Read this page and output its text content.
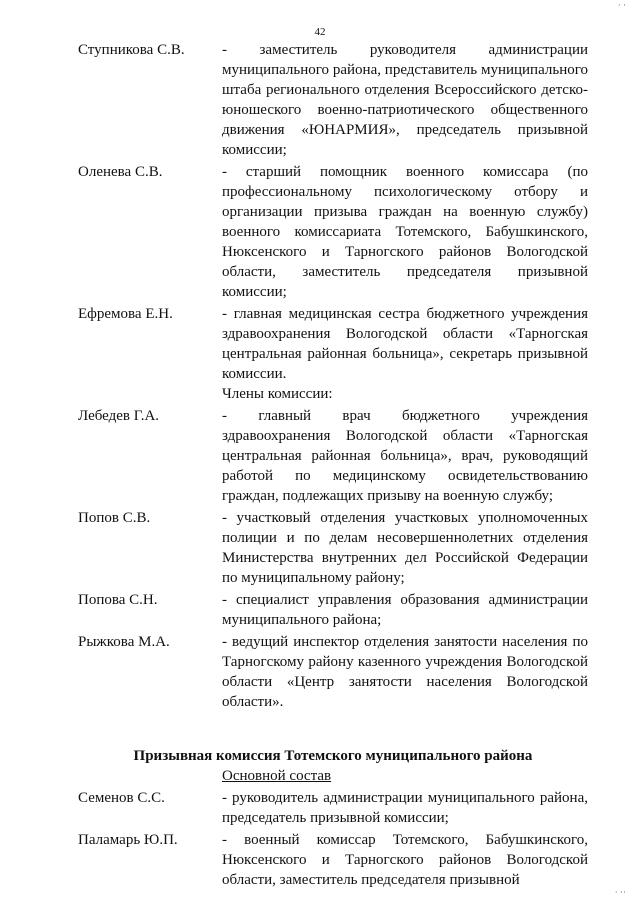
· ·
42
Ступникова С.В.	- заместитель руководителя администрации муниципального района, представитель муниципального штаба регионального отделения Всероссийского детско-юношеского военно-патриотического общественного движения «ЮНАРМИЯ», председатель призывной комиссии;
Оленева С.В.	- старший помощник военного комиссара (по профессиональному психологическому отбору и организации призыва граждан на военную службу) военного комиссариата Тотемского, Бабушкинского, Нюксенского и Тарногского районов Вологодской области, заместитель председателя призывной комиссии;
Ефремова Е.Н.	- главная медицинская сестра бюджетного учреждения здравоохранения Вологодской области «Тарногская центральная районная больница», секретарь призывной комиссии.
Члены комиссии:
Лебедев Г.А.	- главный врач бюджетного учреждения здравоохранения Вологодской области «Тарногская центральная районная больница», врач, руководящий работой по медицинскому освидетельствованию граждан, подлежащих призыву на военную службу;
Попов С.В.	- участковый отделения участковых уполномоченных полиции и по делам несовершеннолетних отделения Министерства внутренних дел Российской Федерации по муниципальному району;
Попова С.Н.	- специалист управления образования администрации муниципального района;
Рыжкова М.А.	- ведущий инспектор отделения занятости населения по Тарногскому району казенного учреждения Вологодской области «Центр занятости населения Вологодской области».
Призывная комиссия Тотемского муниципального района
Основной состав
Семенов С.С.	- руководитель администрации муниципального района, председатель призывной комиссии;
Паламарь Ю.П.	- военный комиссар Тотемского, Бабушкинского, Нюксенского и Тарногского районов Вологодской области, заместитель председателя призывной
· ··
